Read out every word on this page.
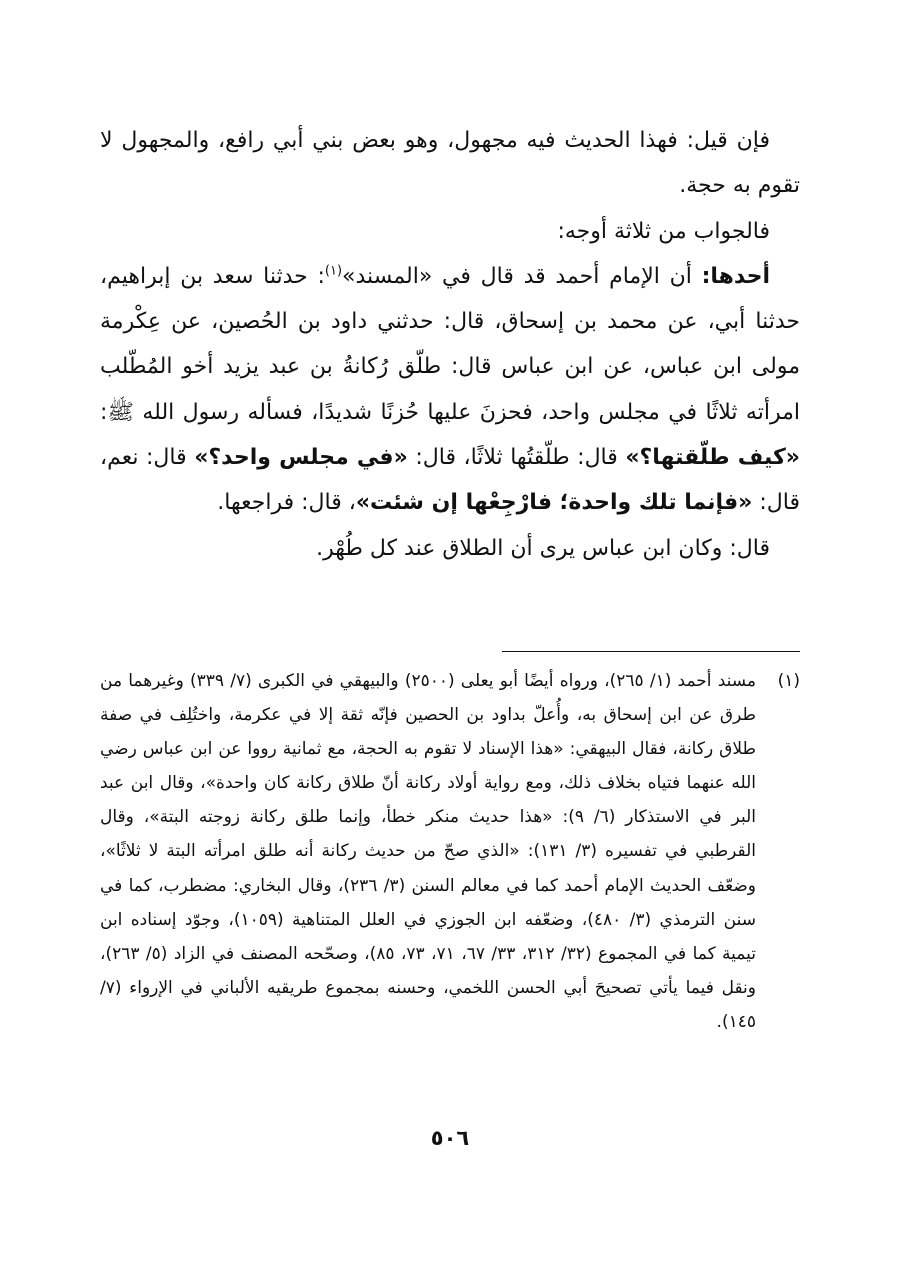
فإن قيل: فهذا الحديث فيه مجهول، وهو بعض بني أبي رافع، والمجهول لا تقوم به حجة.

فالجواب من ثلاثة أوجه:

أحدها: أن الإمام أحمد قد قال في «المسند»$^{(١)}$: حدثنا سعد بن إبراهيم، حدثنا أبي، عن محمد بن إسحاق، قال: حدثني داود بن الحُصين، عن عِكْرمة مولى ابن عباس، عن ابن عباس قال: طلّق رُكانةُ بن عبد يزيد أخو المُطّلب امرأته ثلاثًا في مجلس واحد، فحزنَ عليها حُزنًا شديدًا، فسأله رسول الله ﷺ: «كيف طلّقتها؟» قال: طلّقتُها ثلاثًا، قال: «في مجلس واحد؟» قال: نعم، قال: «فإنما تلك واحدة؛ فارْجِعْها إن شئت»، قال: فراجعها.

قال: وكان ابن عباس يرى أن الطلاق عند كل طُهْر.

(١)
مسند أحمد (١/ ٢٦٥)، ورواه أيضًا أبو يعلى (٢٥٠٠) والبيهقي في الكبرى (٧/ ٣٣٩) وغيرهما من طرق عن ابن إسحاق به، وأُعلّ بداود بن الحصين فإنّه ثقة إلا في عكرمة، واختُلِف في صفة طلاق ركانة، فقال البيهقي: «هذا الإسناد لا تقوم به الحجة، مع ثمانية رووا عن ابن عباس رضي الله عنهما فتياه بخلاف ذلك، ومع رواية أولاد ركانة أنّ طلاق ركانة كان واحدة»، وقال ابن عبد البر في الاستذكار (٦/ ٩): «هذا حديث منكر خطأ، وإنما طلق ركانة زوجته البتة»، وقال القرطبي في تفسيره (٣/ ١٣١): «الذي صحّ من حديث ركانة أنه طلق امرأته البتة لا ثلاثًا»، وضعّف الحديث الإمام أحمد كما في معالم السنن (٣/ ٢٣٦)، وقال البخاري: مضطرب، كما في سنن الترمذي (٣/ ٤٨٠)، وضعّفه ابن الجوزي في العلل المتناهية (١٠٥٩)، وجوّد إسناده ابن تيمية كما في المجموع (٣٢/ ٣١٢، ٣٣/ ٦٧، ٧١، ٧٣، ٨٥)، وصحّحه المصنف في الزاد (٥/ ٢٦٣)، ونقل فيما يأتي تصحيحَ أبي الحسن اللخمي، وحسنه بمجموع طريقيه الألباني في الإرواء (٧/ ١٤٥).
٥٠٦
